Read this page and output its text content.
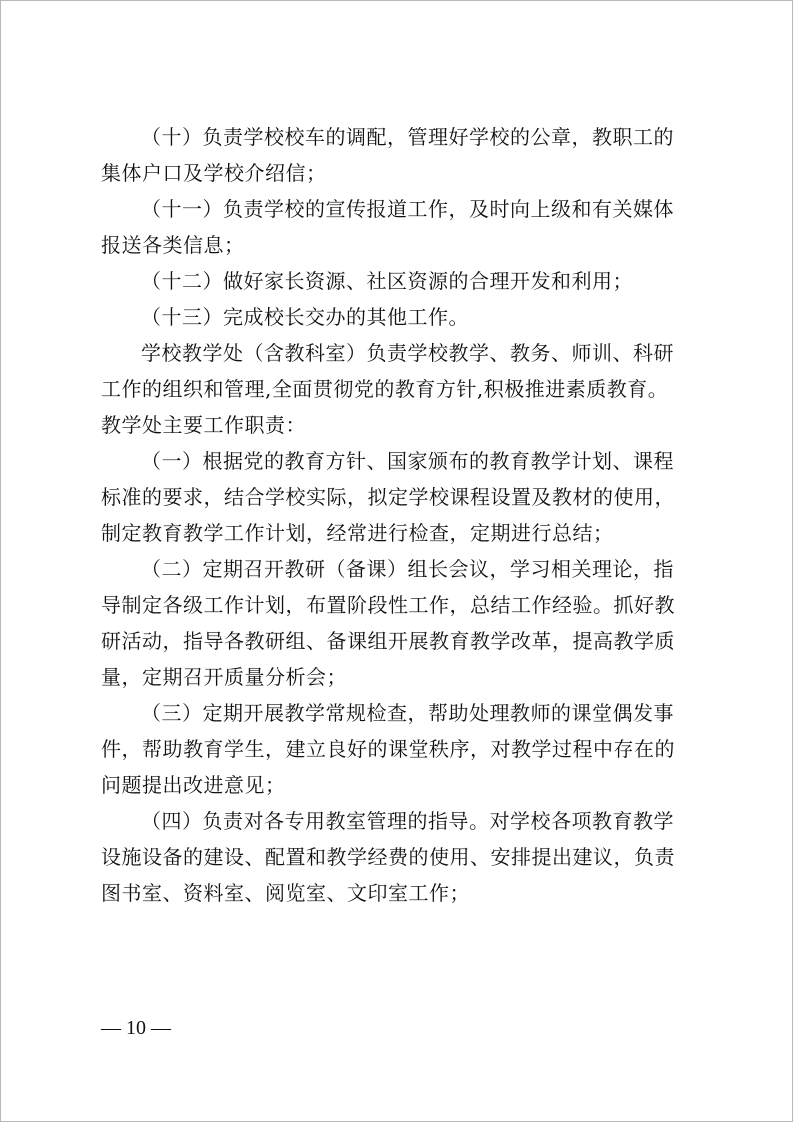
（十）负责学校校车的调配，管理好学校的公章，教职工的

集体户口及学校介绍信；

（十一）负责学校的宣传报道工作，及时向上级和有关媒体

报送各类信息；

（十二）做好家长资源、社区资源的合理开发和利用；

（十三）完成校长交办的其他工作。

学校教学处（含教科室）负责学校教学、教务、师训、科研

工作的组织和管理,全面贯彻党的教育方针,积极推进素质教育。

教学处主要工作职责：

（一）根据党的教育方针、国家颁布的教育教学计划、课程

标准的要求，结合学校实际，拟定学校课程设置及教材的使用，

制定教育教学工作计划，经常进行检查，定期进行总结；

（二）定期召开教研（备课）组长会议，学习相关理论，指

导制定各级工作计划，布置阶段性工作，总结工作经验。抓好教

研活动，指导各教研组、备课组开展教育教学改革，提高教学质

量，定期召开质量分析会；

（三）定期开展教学常规检查，帮助处理教师的课堂偶发事

件，帮助教育学生，建立良好的课堂秩序，对教学过程中存在的

问题提出改进意见；

（四）负责对各专用教室管理的指导。对学校各项教育教学

设施设备的建设、配置和教学经费的使用、安排提出建议，负责

图书室、资料室、阅览室、文印室工作；

— 10 —
